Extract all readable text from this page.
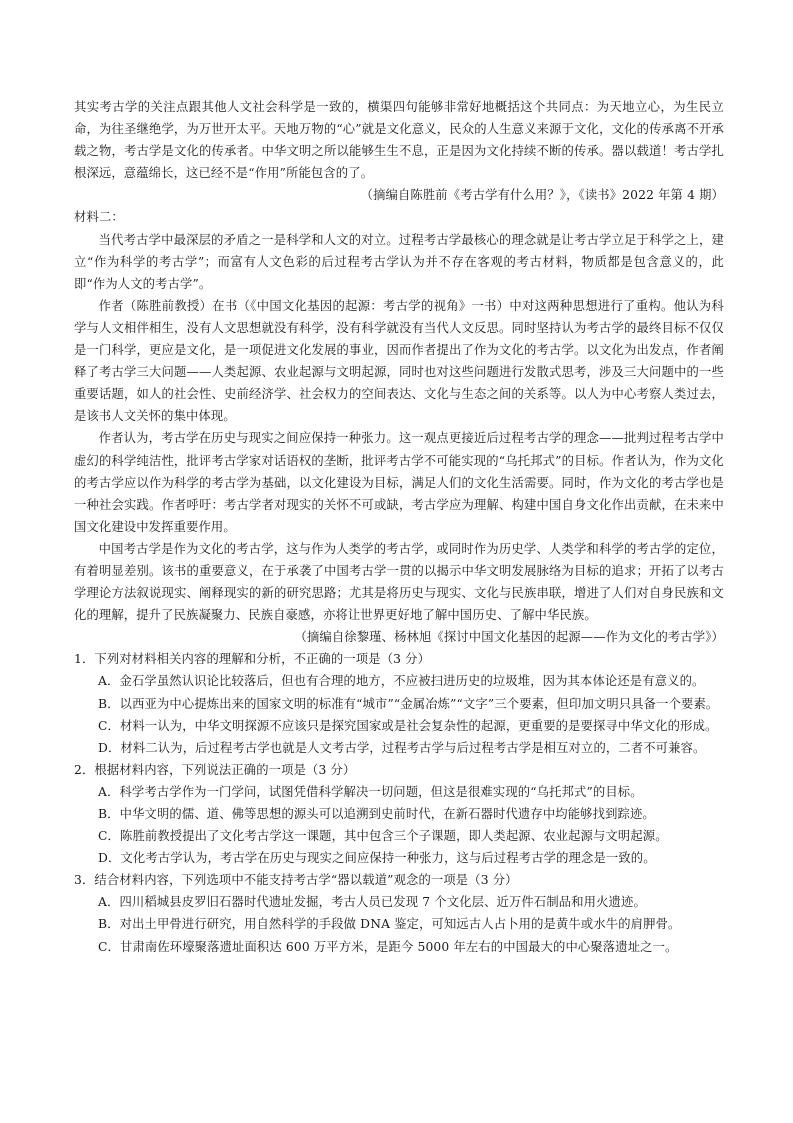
其实考古学的关注点跟其他人文社会科学是一致的，横渠四句能够非常好地概括这个共同点：为天地立心，为生民立命，为往圣继绝学，为万世开太平。天地万物的“心”就是文化意义，民众的人生意义来源于文化，文化的传承离不开承载之物，考古学是文化的传承者。中华文明之所以能够生生不息，正是因为文化持续不断的传承。器以载道！考古学扎根深远，意蕴绵长，这已经不是“作用”所能包含的了。

（摘编自陈胜前《考古学有什么用？》，《读书》2022 年第 4 期）

材料二：

当代考古学中最深层的矛盾之一是科学和人文的对立。过程考古学最核心的理念就是让考古学立足于科学之上，建立“作为科学的考古学”；而富有人文色彩的后过程考古学认为并不存在客观的考古材料，物质都是包含意义的，此即“作为人文的考古学”。

作者（陈胜前教授）在书（《中国文化基因的起源：考古学的视角》一书）中对这两种思想进行了重构。他认为科学与人文相伴相生，没有人文思想就没有科学，没有科学就没有当代人文反思。同时坚持认为考古学的最终目标不仅仅是一门科学，更应是文化，是一项促进文化发展的事业，因而作者提出了作为文化的考古学。以文化为出发点，作者阐释了考古学三大问题——人类起源、农业起源与文明起源，同时也对这些问题进行发散式思考，涉及三大问题中的一些重要话题，如人的社会性、史前经济学、社会权力的空间表达、文化与生态之间的关系等。以人为中心考察人类过去，是该书人文关怀的集中体现。

作者认为，考古学在历史与现实之间应保持一种张力。这一观点更接近后过程考古学的理念——批判过程考古学中虚幻的科学纯洁性，批评考古学家对话语权的垄断，批评考古学不可能实现的“乌托邦式”的目标。作者认为，作为文化的考古学应以作为科学的考古学为基础，以文化建设为目标，满足人们的文化生活需要。同时，作为文化的考古学也是一种社会实践。作者呼吁：考古学者对现实的关怀不可或缺，考古学应为理解、构建中国自身文化作出贡献，在未来中国文化建设中发挥重要作用。

中国考古学是作为文化的考古学，这与作为人类学的考古学，或同时作为历史学、人类学和科学的考古学的定位，有着明显差别。该书的重要意义，在于承袭了中国考古学一贯的以揭示中华文明发展脉络为目标的追求；开拓了以考古学理论方法叙说现实、阐释现实的新的研究思路；尤其是将历史与现实、文化与民族串联，增进了人们对自身民族和文化的理解，提升了民族凝聚力、民族自豪感，亦将让世界更好地了解中国历史、了解中华民族。

（摘编自徐黎瑾、杨林旭《探讨中国文化基因的起源——作为文化的考古学》）

1．下列对材料相关内容的理解和分析，不正确的一项是（3 分）

A．金石学虽然认识论比较落后，但也有合理的地方，不应被扫进历史的垃圾堆，因为其本体论还是有意义的。

B．以西亚为中心提炼出来的国家文明的标准有“城市”“金属冶炼”“文字”三个要素，但印加文明只具备一个要素。

C．材料一认为，中华文明探源不应该只是探究国家或是社会复杂性的起源，更重要的是要探寻中华文化的形成。

D．材料二认为，后过程考古学也就是人文考古学，过程考古学与后过程考古学是相互对立的，二者不可兼容。

2．根据材料内容，下列说法正确的一项是（3 分）

A．科学考古学作为一门学问，试图凭借科学解决一切问题，但这是很难实现的“乌托邦式”的目标。

B．中华文明的儒、道、佛等思想的源头可以追溯到史前时代，在新石器时代遗存中均能够找到踪迹。

C．陈胜前教授提出了文化考古学这一课题，其中包含三个子课题，即人类起源、农业起源与文明起源。

D．文化考古学认为，考古学在历史与现实之间应保持一种张力，这与后过程考古学的理念是一致的。

3．结合材料内容，下列选项中不能支持考古学“器以载道”观念的一项是（3 分）

A．四川稻城县皮罗旧石器时代遗址发掘，考古人员已发现 7 个文化层、近万件石制品和用火遗迹。

B．对出土甲骨进行研究，用自然科学的手段做 DNA 鉴定，可知远古人占卜用的是黄牛或水牛的肩胛骨。

C．甘肃南佐环壕聚落遗址面积达 600 万平方米，是距今 5000 年左右的中国最大的中心聚落遗址之一。
